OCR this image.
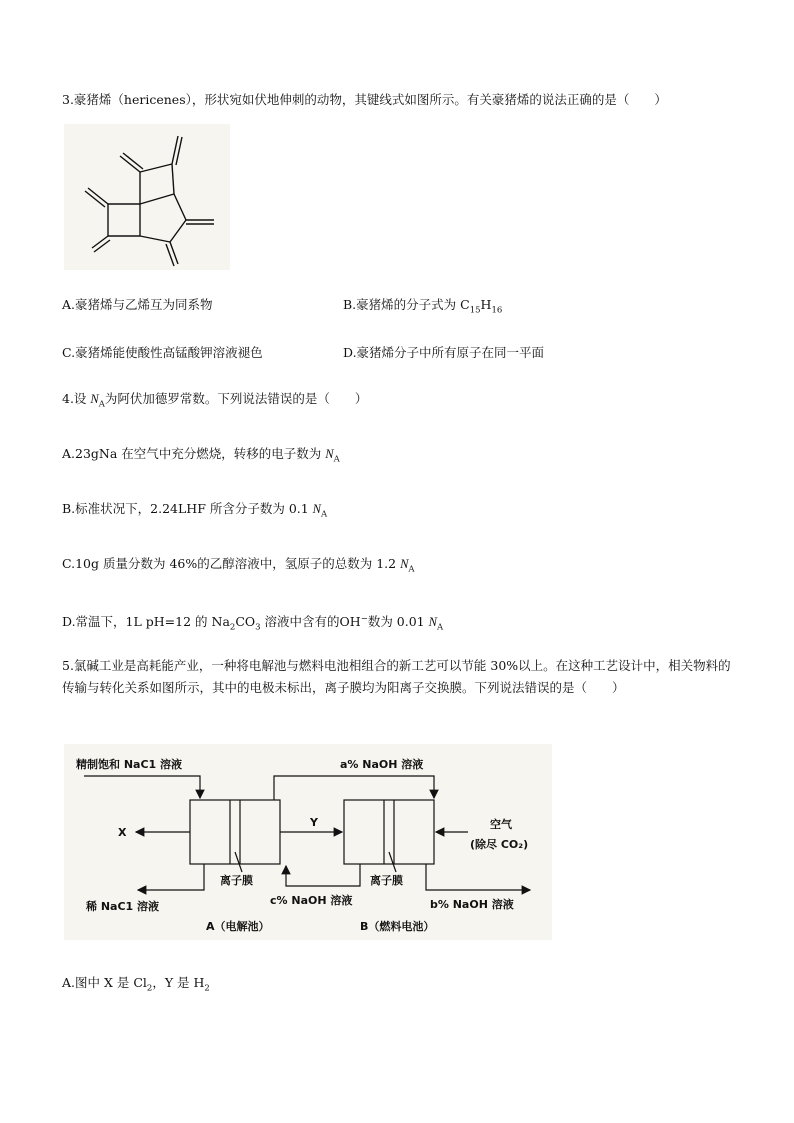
3.豪猪烯（hericenes），形状宛如伏地伸刺的动物，其键线式如图所示。有关豪猪烯的说法正确的是（　　）
A.豪猪烯与乙烯互为同系物	B.豪猪烯的分子式为 $C_{15}H_{16}$
C.豪猪烯能使酸性高锰酸钾溶液褪色	D.豪猪烯分子中所有原子在同一平面
4.设 $N_A$为阿伏加德罗常数。下列说法错误的是（　　）
A.23gNa 在空气中充分燃烧，转移的电子数为 $N_A$
B.标准状况下，2.24LHF 所含分子数为 0.1 $N_A$
C.10g 质量分数为 46%的乙醇溶液中，氢原子的总数为 1.2 $N_A$
D.常温下，1L pH=12 的 $Na_2CO_3$ 溶液中含有的OH−数为 0.01 $N_A$
5.氯碱工业是高耗能产业，一种将电解池与燃料电池相组合的新工艺可以节能 30%以上。在这种工艺设计中，相关物料的传输与转化关系如图所示，其中的电极未标出，离子膜均为阳离子交换膜。下列说法错误的是（　　）
精制饱和 NaC1 溶液	a% NaOH 溶液
X
Y	空气
(除尽 CO₂)
离子膜	离子膜
稀 NaC1 溶液	c% NaOH 溶液	b% NaOH 溶液
A（电解池）	B（燃料电池）
A.图中 X 是 $Cl_2$，Y 是 $H_2$
